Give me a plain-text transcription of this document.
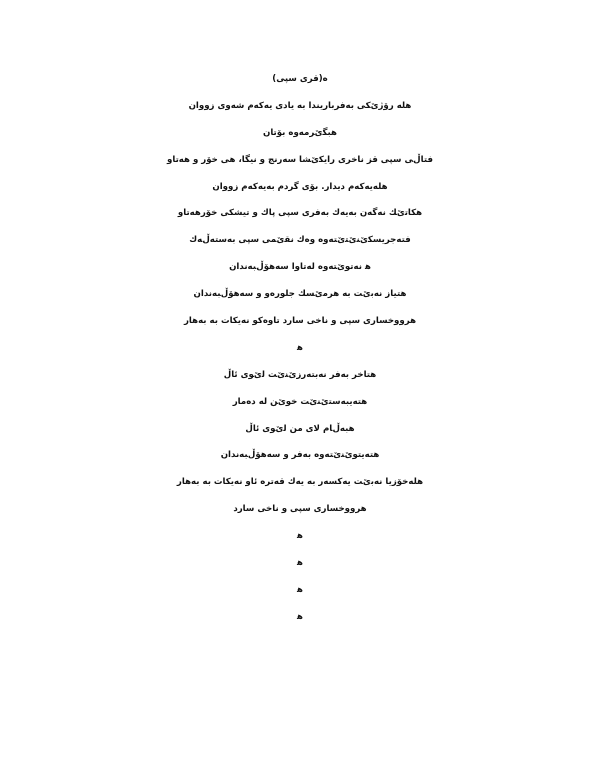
ﻩ(ﻗﺮﻯ ﺳﭙﻰ)
ﻫﻠﻪ ﺭﯙﮊێﻜﻰ ﺑﻪﻓﺮﺑﺎﺭﻳﻨﺪﺍ ﺑﻪ ﻳﺎﺩﻯ ﻳﻪﻛﻪﻡ ﺷﻪﻭﻯ ﺯﻭﻭﺍﻥ
ﻫﺒﮕێﺮﻣﻪﻭﻩ ﺑﯚﺗﺎﻥ
ﻓﺘﺎڵﻰ ﺳﭙﻰ ﻗﺰ ﻧﺎﺧﺮﻯ ﺭﺍﻳﻜێﺸﺎ ﺳﻪﺭﻧﺞ ﻭ ﻧﻴﮕﺎ، ﻫﻰ ﺧﯚﺭ ﻭ ﻫﻪﺗﺎﻭ
ﻫﻠﻪﻳﻪﻛﻪﻡ ﺩﻳﺪﺍﺭ. ﺑﯚﻯ ﮔﺮﺩﻡ ﺑﻪﻳﻪﻛﻪﻡ ﺯﻭﻭﺍﻥ
ﻫﻜﺎﺗێﻚ ﻧﻪﮔﻪﻥ ﺑﻪﻳﻪﻙ ﺑﻪﻓﺮﻯ ﺳﭙﻰ ﭘﺎﻙ ﻭ ﺗﻴﺸﻜﻰ ﺧﯚﺭﻫﻪﺗﺎﻭ
ﻓﺘﻪﺟﺮﻳﺴﻜێﻨێﺘێﺘﻪﻭﻩ ﻭﻩﻙ ﻧﻘێﻤﻰ ﺳﭙﻰ ﺑﻪﺳﺘﻪڵﻪﻙ
ﻫ ﻧﻪﺗﻮێﺘﻪﻭﻩ ﻟﻪﺗﺎﻭﺍ ﺳﻪﻫﯚڵﺒﻪﻧﺪﺍﻥ
ﻫﺘﻴﺎﺯ ﻧﻪﺑێﺖ ﺑﻪ ﻫﺮﻣێﺴﻚ ﺟﻠﻮﺭﻩﻭ ﻭ ﺳﻪﻫﯚڵﺒﻪﻧﺪﺍﻥ
ﻫﺮﻭﻭﺧﺴﺎﺭﻯ ﺳﭙﻰ ﻭ ﻧﺎﺧﻰ ﺳﺎﺭﺩ ﺗﺎﻭﻩﻛﻮ ﻧﻪﻳﻜﺎﺕ ﺑﻪ ﺑﻪﻫﺎﺭ
ﻫ
ﻫﺘﺎﺧﺮ ﺑﻪﻓﺮ ﻧﻪﺑﺘﻪﺭﺯێﻨێﺖ ﻟێﻮﻯ ﺋﺎڵ
ﻫﺘﻪﻳﺒﻪﺳﺘێﻨێﺖ ﺧﻮێﻦ ﻟﻪ ﺩﻩﻣﺎﺭ
ﻫﺒﻪڵﺎﻡ ﻻﻯ ﻣﻦ ﻟێﻮﻯ ﺋﺎڵ
ﻫﺘﻪﻳﺘﻮێﻨێﺘﻪﻭﻩ ﺑﻪﻓﺮ ﻭ ﺳﻪﻫﯚڵﺒﻪﻧﺪﺍﻥ
ﻫﻠﻪﺧﯚﺯﻳﺎ ﻧﻪﺑێﺖ ﻳﻪﻛﺴﻪﺭ ﺑﻪ ﻳﻪﻙ ﻗﻪﺗﺮﻩ ﺋﺎﻭ ﻧﻪﻳﻜﺎﺕ ﺑﻪ ﺑﻪﻫﺎﺭ
ﻫﺮﻭﻭﺧﺴﺎﺭﻯ ﺳﭙﻰ ﻭ ﻧﺎﺧﻰ ﺳﺎﺭﺩ
ﻫ
ﻫ
ﻫ
ﻫ
